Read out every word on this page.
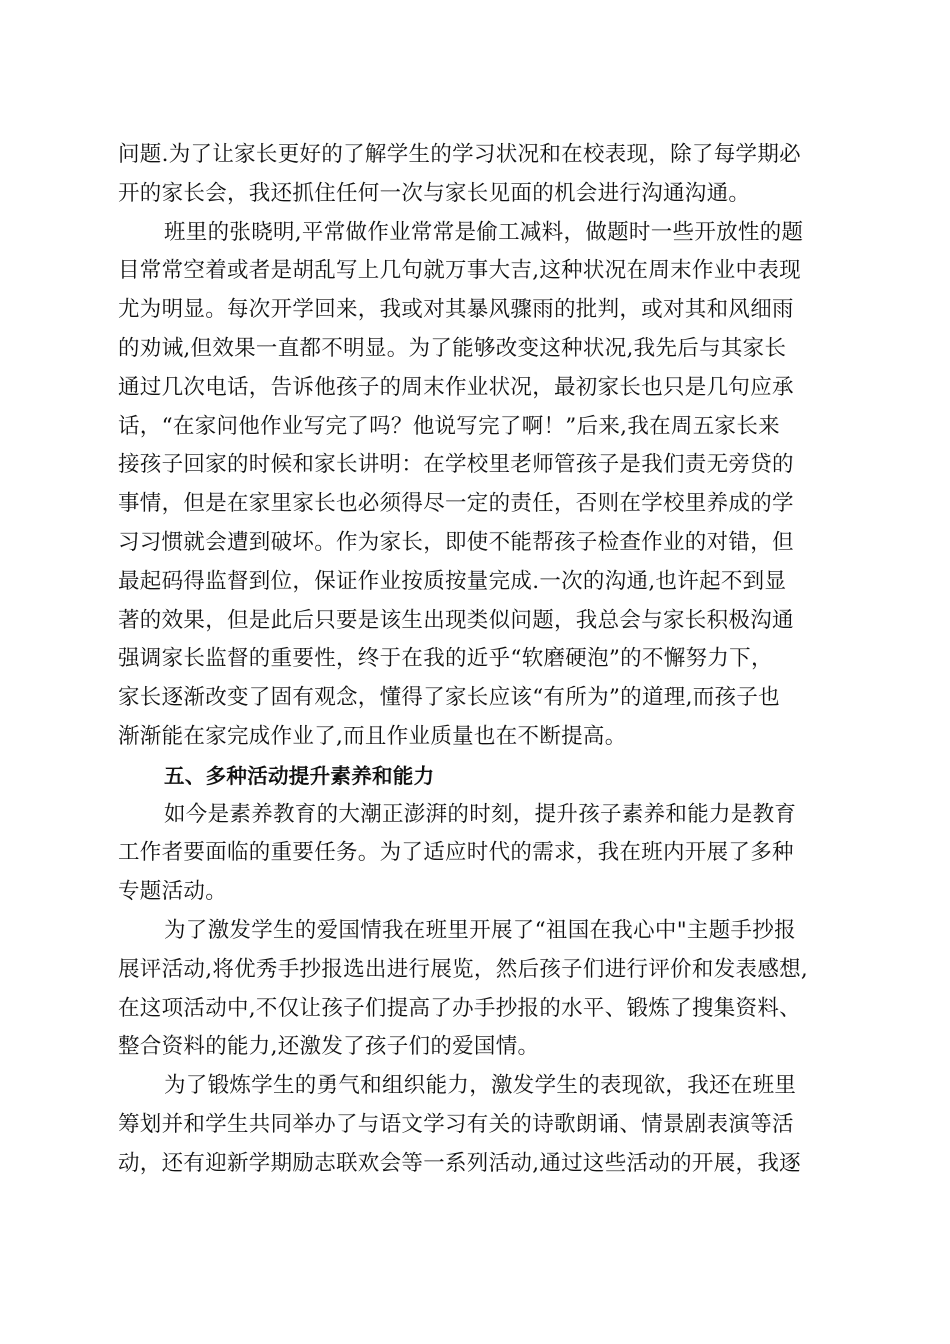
问题.为了让家长更好的了解学生的学习状况和在校表现，除了每学期必
开的家长会，我还抓住任何一次与家长见面的机会进行沟通沟通。
班里的张晓明,平常做作业常常是偷工减料，做题时一些开放性的题
目常常空着或者是胡乱写上几句就万事大吉,这种状况在周末作业中表现
尤为明显。每次开学回来，我或对其暴风骤雨的批判，或对其和风细雨
的劝诫,但效果一直都不明显。为了能够改变这种状况,我先后与其家长
通过几次电话，告诉他孩子的周末作业状况，最初家长也只是几句应承
话，“在家问他作业写完了吗？他说写完了啊！”后来,我在周五家长来
接孩子回家的时候和家长讲明：在学校里老师管孩子是我们责无旁贷的
事情，但是在家里家长也必须得尽一定的责任，否则在学校里养成的学
习习惯就会遭到破坏。作为家长，即使不能帮孩子检查作业的对错，但
最起码得监督到位，保证作业按质按量完成.一次的沟通,也许起不到显
著的效果，但是此后只要是该生出现类似问题，我总会与家长积极沟通
强调家长监督的重要性，终于在我的近乎“软磨硬泡”的不懈努力下，
家长逐渐改变了固有观念，懂得了家长应该“有所为”的道理,而孩子也
渐渐能在家完成作业了,而且作业质量也在不断提高。
五、多种活动提升素养和能力
如今是素养教育的大潮正澎湃的时刻，提升孩子素养和能力是教育
工作者要面临的重要任务。为了适应时代的需求，我在班内开展了多种
专题活动。
为了激发学生的爱国情我在班里开展了“祖国在我心中"主题手抄报
展评活动,将优秀手抄报选出进行展览，然后孩子们进行评价和发表感想,
在这项活动中,不仅让孩子们提高了办手抄报的水平、锻炼了搜集资料、
整合资料的能力,还激发了孩子们的爱国情。
为了锻炼学生的勇气和组织能力，激发学生的表现欲，我还在班里
筹划并和学生共同举办了与语文学习有关的诗歌朗诵、情景剧表演等活
动，还有迎新学期励志联欢会等一系列活动,通过这些活动的开展，我逐
